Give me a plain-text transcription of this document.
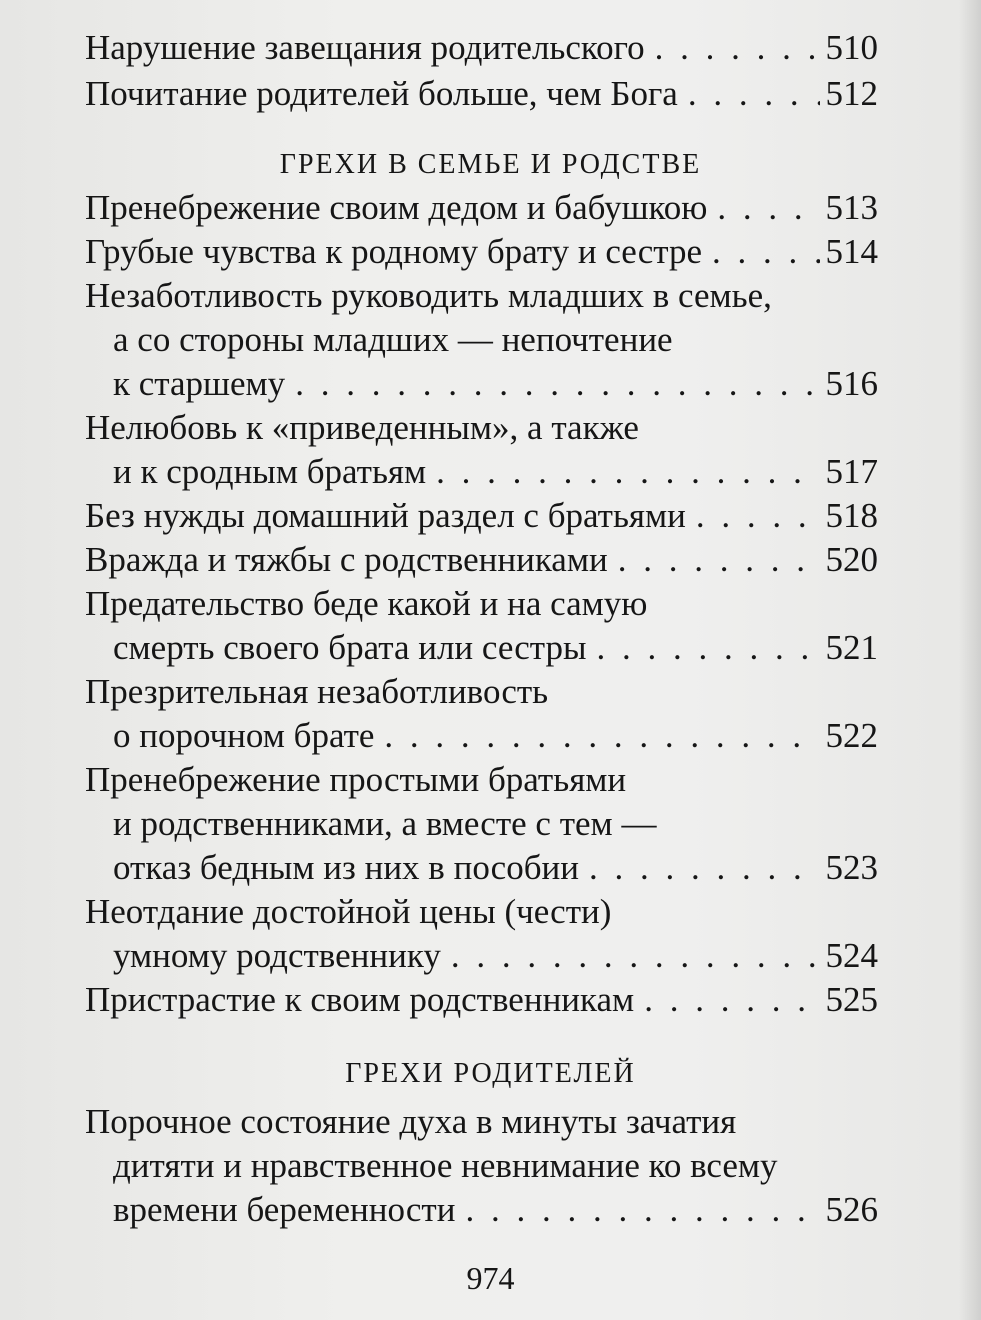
Нарушение завещания родительского . . .	510
Почитание родителей больше, чем Бога . . .	512
ГРЕХИ В СЕМЬЕ И РОДСТВЕ
Пренебрежение своим дедом и бабушкою . . .	513
Грубые чувства к родному брату и сестре . . .	514
Незаботливость руководить младших в семье,
а со стороны младших — непочтение
к старшему . . .	516
Нелюбовь к «приведенным», а также
и к сродным братьям . . .	517
Без нужды домашний раздел с братьями . . .	518
Вражда и тяжбы с родственниками . . .	520
Предательство беде какой и на самую
смерть своего брата или сестры . . .	521
Презрительная незаботливость
о порочном брате . . .	522
Пренебрежение простыми братьями
и родственниками, а вместе с тем —
отказ бедным из них в пособии . . .	523
Неотдание достойной цены (чести)
умному родственнику . . .	524
Пристрастие к своим родственникам . . .	525
ГРЕХИ РОДИТЕЛЕЙ
Порочное состояние духа в минуты зачатия
дитяти и нравственное невнимание ко всему
времени беременности . . .	526
974
